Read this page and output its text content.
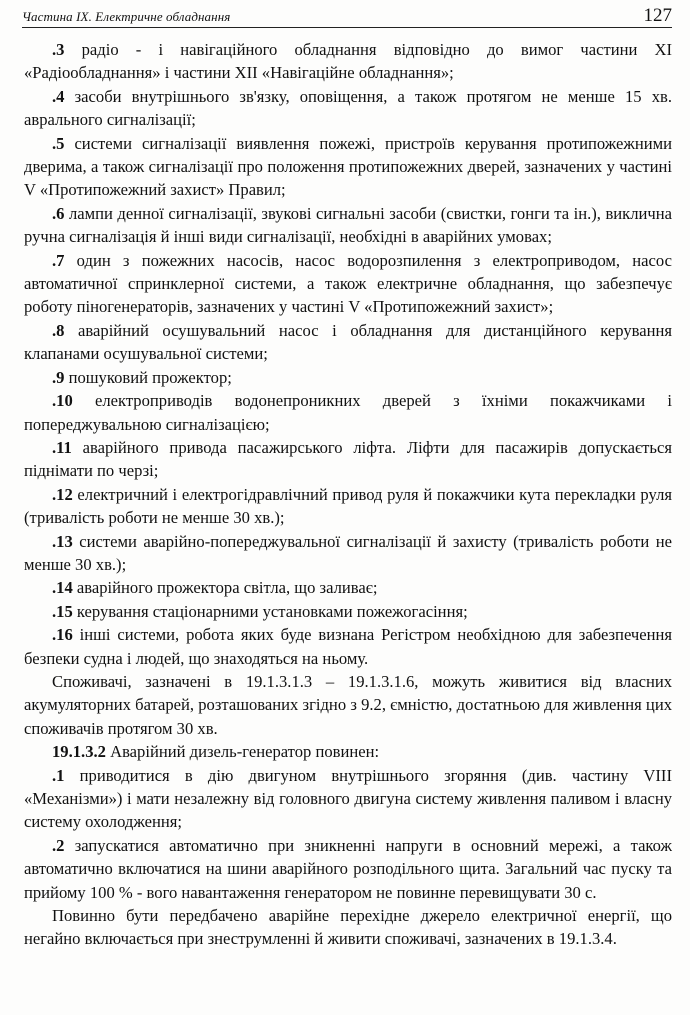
Частина IX. Електричне обладнання	127

.3 радіо - і навігаційного обладнання відповідно до вимог частини XI «Радіообладнання» і частини XII «Навігаційне обладнання»;

.4 засоби внутрішнього зв'язку, оповіщення, а також протягом не менше 15 хв. аврального сигналізації;

.5 системи сигналізації виявлення пожежі, пристроїв керування протипожежними дверима, а також сигналізації про положення протипожежних дверей, зазначених у частині V «Протипожежний захист» Правил;

.6 лампи денної сигналізації, звукові сигнальні засоби (свистки, гонги та ін.), виклична ручна сигналізація й інші види сигналізації, необхідні в аварійних умовах;

.7 один з пожежних насосів, насос водорозпилення з електроприводом, насос автоматичної спринклерної системи, а також електричне обладнання, що забезпечує роботу піногенераторів, зазначених у частині V «Протипожежний захист»;

.8 аварійний осушувальний насос і обладнання для дистанційного керування клапанами осушувальної системи;

.9 пошуковий прожектор;

.10 електроприводів водонепроникних дверей з їхніми покажчиками і попереджувальною сигналізацією;

.11 аварійного привода пасажирського ліфта. Ліфти для пасажирів допускається піднімати по черзі;

.12 електричний і електрогідравлічний привод руля й покажчики кута перекладки руля (тривалість роботи не менше 30 хв.);

.13 системи аварійно-попереджувальної сигналізації й захисту (тривалість роботи не менше 30 хв.);

.14 аварійного прожектора світла, що заливає;

.15 керування стаціонарними установками пожежогасіння;

.16 інші системи, робота яких буде визнана Регістром необхідною для забезпечення безпеки судна і людей, що знаходяться на ньому.

Споживачі, зазначені в 19.1.3.1.3 – 19.1.3.1.6, можуть живитися від власних акумуляторних батарей, розташованих згідно з 9.2, ємністю, достатньою для живлення цих споживачів протягом 30 хв.

19.1.3.2 Аварійний дизель-генератор повинен:

.1 приводитися в дію двигуном внутрішнього згоряння (див. частину VIII «Механізми») і мати незалежну від головного двигуна систему живлення паливом і власну систему охолодження;

.2 запускатися автоматично при зникненні напруги в основний мережі, а також автоматично включатися на шини аварійного розподільного щита. Загальний час пуску та прийому 100 % - вого навантаження генератором не повинне перевищувати 30 с.

Повинно бути передбачено аварійне перехідне джерело електричної енергії, що негайно включається при знеструмленні й живити споживачі, зазначених в 19.1.3.4.
